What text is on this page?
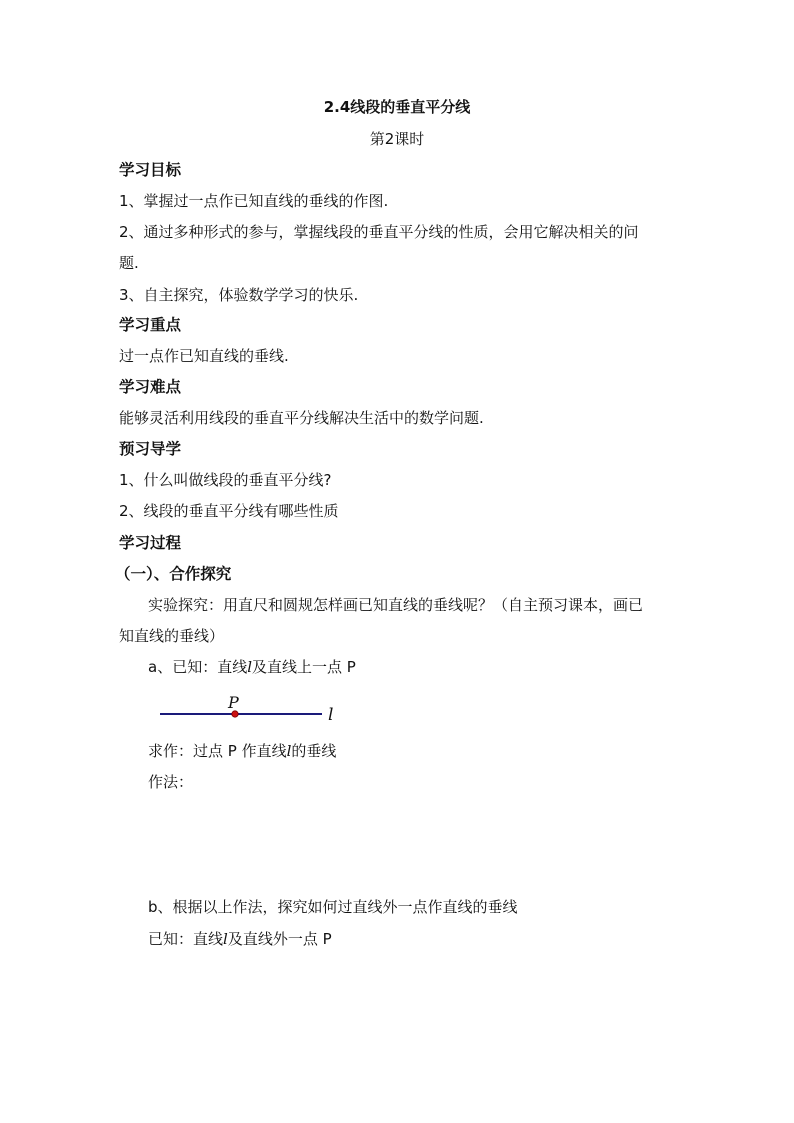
2.4线段的垂直平分线
第2课时
学习目标
1、掌握过一点作已知直线的垂线的作图.
2、通过多种形式的参与，掌握线段的垂直平分线的性质，会用它解决相关的问
题.
3、自主探究，体验数学学习的快乐.
学习重点
过一点作已知直线的垂线.
学习难点
能够灵活利用线段的垂直平分线解决生活中的数学问题.
预习导学
1、什么叫做线段的垂直平分线?
2、线段的垂直平分线有哪些性质
学习过程
（一）、合作探究
实验探究：用直尺和圆规怎样画已知直线的垂线呢？（自主预习课本，画已
知直线的垂线）
a、已知：直线l及直线上一点 P
P
l
求作：过点 P 作直线l的垂线
作法：
b、根据以上作法，探究如何过直线外一点作直线的垂线
已知：直线l及直线外一点 P
